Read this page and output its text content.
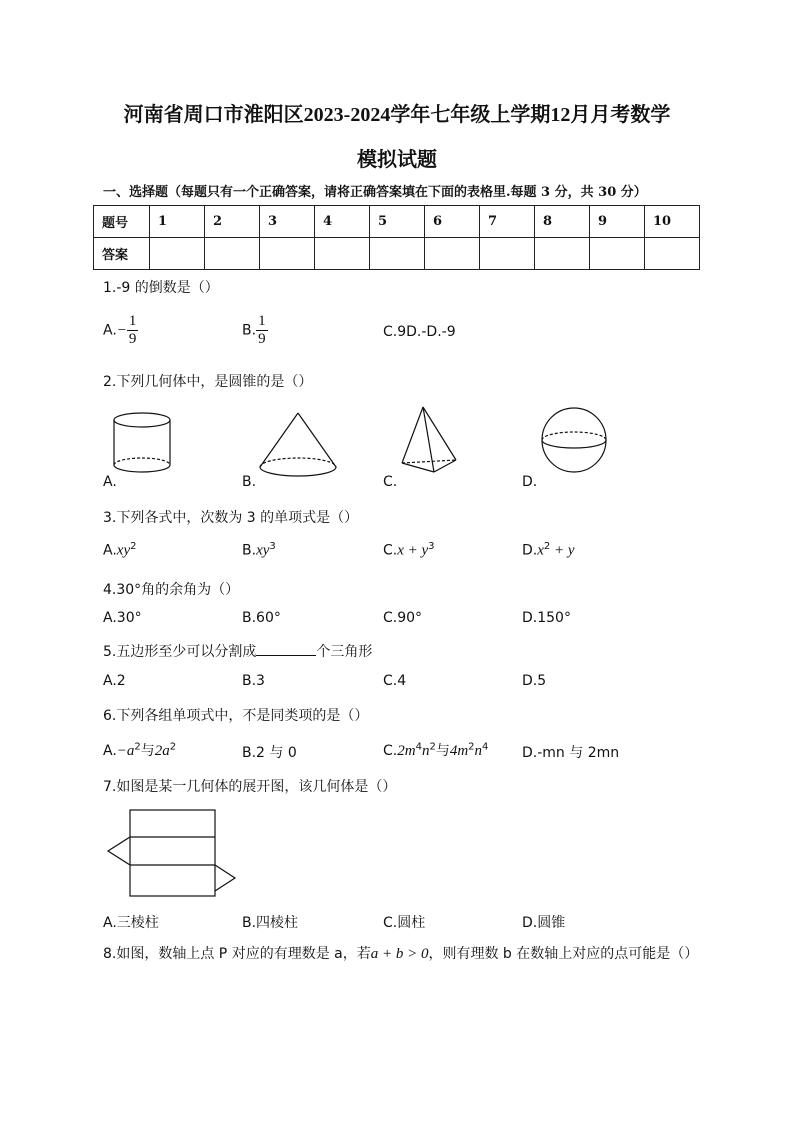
河南省周口市淮阳区2023-2024学年七年级上学期12月月考数学
模拟试题
一、选择题（每题只有一个正确答案，请将正确答案填在下面的表格里.每题 3 分，共 30 分）
题号	1	2	3	4	5	6	7	8	9	10
答案										
1.-9 的倒数是（）
$A.- \frac{1}{9}$	B. $\frac{1}{9}$	C.9D.-D.-9
2.下列几何体中，是圆锥的是（）
A.	B.	C.	D.
3.下列各式中，次数为 3 的单项式是（）
$A.xy^2$	$B.xy^3$	$C.x + y^3$	$D.x^2 + y$
4.30°角的余角为（）
A.30°	B.60°	C.90°	D.150°
5.五边形至少可以分割成	个三角形
A.2	B.3	C.4	D.5
6.下列各组单项式中，不是同类项的是（）
$A.-a^2$与$2a^2$	B.2 与 0	$C.2m^4n^2$与$4m^2n^4$ D.-mn 与 2mn
7.如图是某一几何体的展开图，该几何体是（）
A.三棱柱	B.四棱柱	C.圆柱	D.圆锥
8.如图，数轴上点 P 对应的有理数是 a，若a + b > 0，则有理数 b 在数轴上对应的点可能是（）
